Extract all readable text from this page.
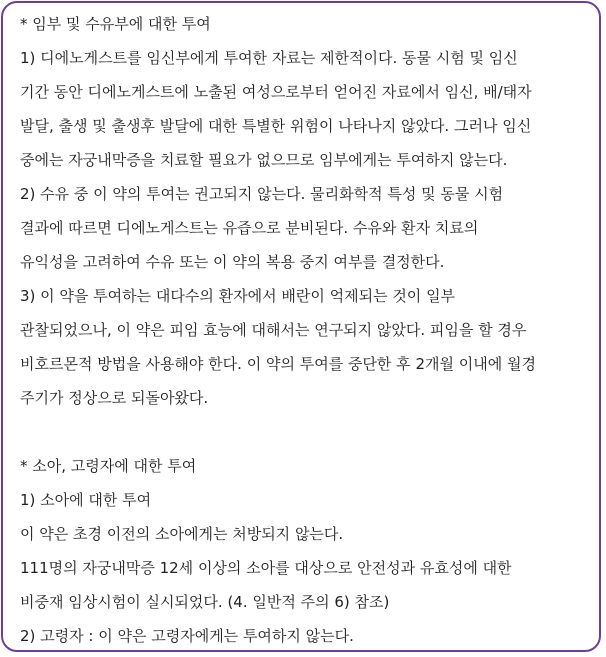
* 임부 및 수유부에 대한 투여
1) 디에노게스트를 임신부에게 투여한 자료는 제한적이다. 동물 시험 및 임신
기간 동안 디에노게스트에 노출된 여성으로부터 얻어진 자료에서 임신, 배/태자
발달, 출생 및 출생후 발달에 대한 특별한 위험이 나타나지 않았다. 그러나 임신
중에는 자궁내막증을 치료할 필요가 없으므로 임부에게는 투여하지 않는다.
2) 수유 중 이 약의 투여는 권고되지 않는다. 물리화학적 특성 및 동물 시험
결과에 따르면 디에노게스트는 유즙으로 분비된다. 수유와 환자 치료의
유익성을 고려하여 수유 또는 이 약의 복용 중지 여부를 결정한다.
3) 이 약을 투여하는 대다수의 환자에서 배란이 억제되는 것이 일부
관찰되었으나, 이 약은 피임 효능에 대해서는 연구되지 않았다. 피임을 할 경우
비호르몬적 방법을 사용해야 한다. 이 약의 투여를 중단한 후 2개월 이내에 월경
주기가 정상으로 되돌아왔다.
* 소아, 고령자에 대한 투여
1) 소아에 대한 투여
이 약은 초경 이전의 소아에게는 처방되지 않는다.
111명의 자궁내막증 12세 이상의 소아를 대상으로 안전성과 유효성에 대한
비중재 임상시험이 실시되었다. (4. 일반적 주의 6) 참조)
2) 고령자 : 이 약은 고령자에게는 투여하지 않는다.
